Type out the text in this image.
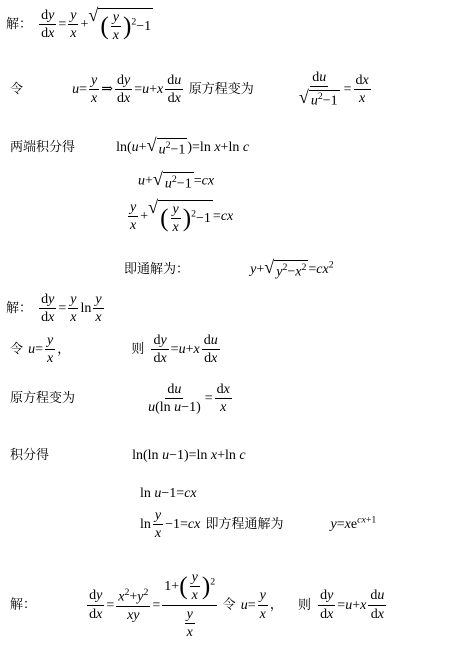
解： $\frac{dy}{dx} = \frac{y}{x}$ + √ ( $\frac{y}{x}$ ) $^2$−1
令	$u= \frac{y}{x}$ ⇒ $\frac{dy}{dx} =u+x \frac{du}{dx}$ 原方程变为	$\frac{du}{√ u^2-1} = \frac{dx}{x}$
两端积分得	ln(u+ √ $u^2-1$ )=ln x+ln c
u+ √ $u^2-1 =cx$
$\frac{y}{x}$ + √ ( $\frac{y}{x}$ ) $^2$−1 =cx
即通解为：	y+ √ $y^2-x^2 =cx^2$
解： $\frac{dy}{dx} = \frac{y}{x}$ $\ln \frac{y}{x}$
令 $u= \frac{y}{x}$ ，	则 $\frac{dy}{dx} =u+x \frac{du}{dx}$
原方程变为	$\frac{du}{\text{u(ln u−1)}} = \frac{dx}{x}$
积分得	ln(ln u−1)=ln x+ln c
ln u−1=cx
$\ln \frac{y}{x} -1=cx$ 即方程通解为	$y=xe^{cx+1}$
解：	$\frac{dy}{dx} = \frac{x^2+y^2}{xy} = \frac{1+ ( \frac{y}{x} ) ^2}{\frac{y}{x}}$ 令 $u= \frac{y}{x}$ ， 则 $\frac{dy}{dx} =u+x \frac{du}{dx}$
